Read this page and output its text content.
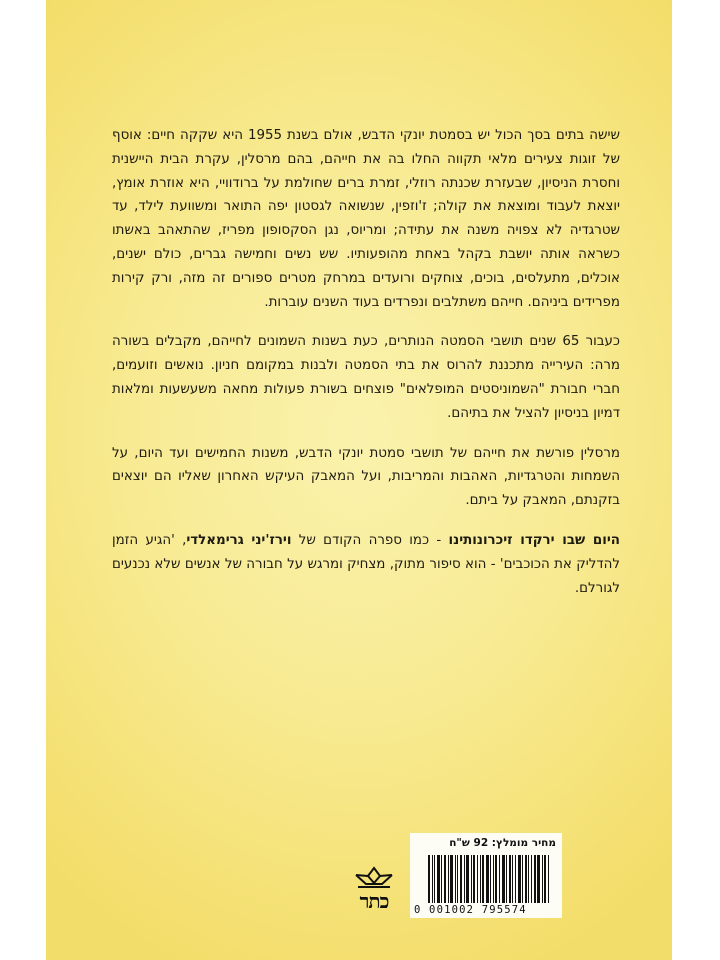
שישה בתים בסך הכול יש בסמטת יונקי הדבש, אולם בשנת 1955 היא שקקה חיים: אוסף של זוגות צעירים מלאי תקווה החלו בה את חייהם, בהם מרסלין, עקרת הבית היישנית וחסרת הניסיון, שבעזרת שכנתה רוזלי, זמרת ברים שחולמת על ברודוויי, היא אוזרת אומץ, יוצאת לעבוד ומוצאת את קולה; ז'וזפין, שנשואה לגסטון יפה התואר ומשוועת לילד, עד שטרגדיה לא צפויה משנה את עתידה; ומריוס, נגן הסקסופון מפריז, שהתאהב באשתו כשראה אותה יושבת בקהל באחת מהופעותיו. שש נשים וחמישה גברים, כולם ישנים, אוכלים, מתעלסים, בוכים, צוחקים ורועדים במרחק מטרים ספורים זה מזה, ורק קירות מפרידים ביניהם. חייהם משתלבים ונפרדים בעוד השנים עוברות.

כעבור 65 שנים תושבי הסמטה הנותרים, כעת בשנות השמונים לחייהם, מקבלים בשורה מרה: העירייה מתכננת להרוס את בתי הסמטה ולבנות במקומם חניון. נואשים וזועמים, חברי חבורת "השמוניסטים המופלאים" פוצחים בשורת פעולות מחאה משעשעות ומלאות דמיון בניסיון להציל את בתיהם.

מרסלין פורשת את חייהם של תושבי סמטת יונקי הדבש, משנות החמישים ועד היום, על השמחות והטרגדיות, האהבות והמריבות, ועל המאבק העיקש האחרון שאליו הם יוצאים בזקנתם, המאבק על ביתם.

היום שבו ירקדו זיכרונותינו - כמו ספרה הקודם של וירז'יני גרימאלדי, 'הגיע הזמן להדליק את הכוכבים' - הוא סיפור מתוק, מצחיק ומרגש על חבורה של אנשים שלא נכנעים לגורלם.

כתר
מחיר מומלץ: 92 ש"ח
0 001002 795574
